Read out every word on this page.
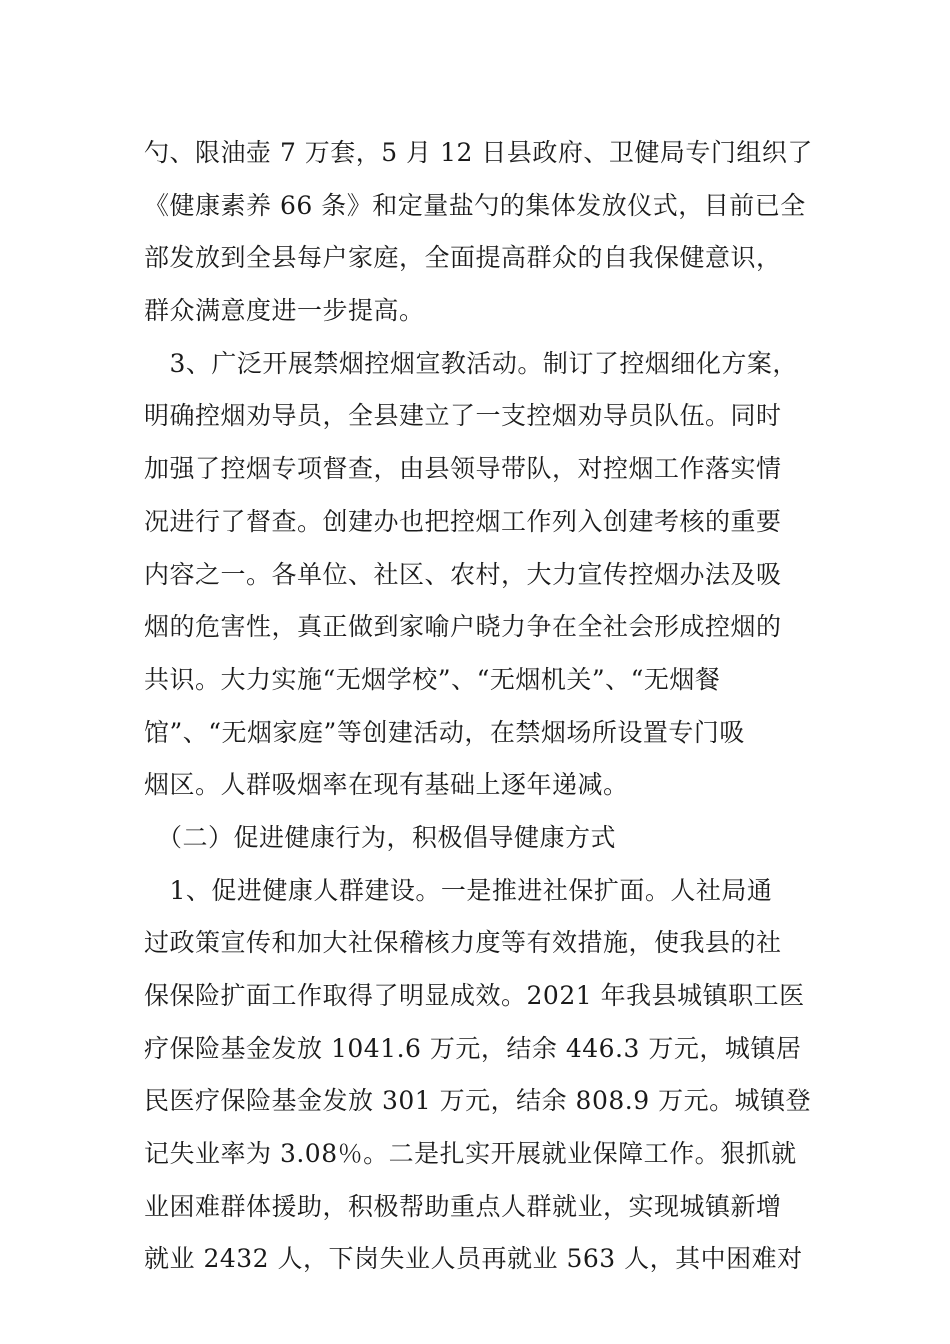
勺、限油壶 7 万套，5 月 12 日县政府、卫健局专门组织了
《健康素养 66 条》和定量盐勺的集体发放仪式，目前已全
部发放到全县每户家庭，全面提高群众的自我保健意识，
群众满意度进一步提高。
　3、广泛开展禁烟控烟宣教活动。制订了控烟细化方案，
明确控烟劝导员，全县建立了一支控烟劝导员队伍。同时
加强了控烟专项督查，由县领导带队，对控烟工作落实情
况进行了督查。创建办也把控烟工作列入创建考核的重要
内容之一。各单位、社区、农村，大力宣传控烟办法及吸
烟的危害性，真正做到家喻户晓力争在全社会形成控烟的
共识。大力实施“无烟学校”、“无烟机关”、“无烟餐
馆”、“无烟家庭”等创建活动，在禁烟场所设置专门吸
烟区。人群吸烟率在现有基础上逐年递减。
　（二）促进健康行为，积极倡导健康方式
　1、促进健康人群建设。一是推进社保扩面。人社局通
过政策宣传和加大社保稽核力度等有效措施，使我县的社
保保险扩面工作取得了明显成效。2021 年我县城镇职工医
疗保险基金发放 1041.6 万元，结余 446.3 万元，城镇居
民医疗保险基金发放 301 万元，结余 808.9 万元。城镇登
记失业率为 3.08％。二是扎实开展就业保障工作。狠抓就
业困难群体援助，积极帮助重点人群就业，实现城镇新增
就业 2432 人，下岗失业人员再就业 563 人，其中困难对
